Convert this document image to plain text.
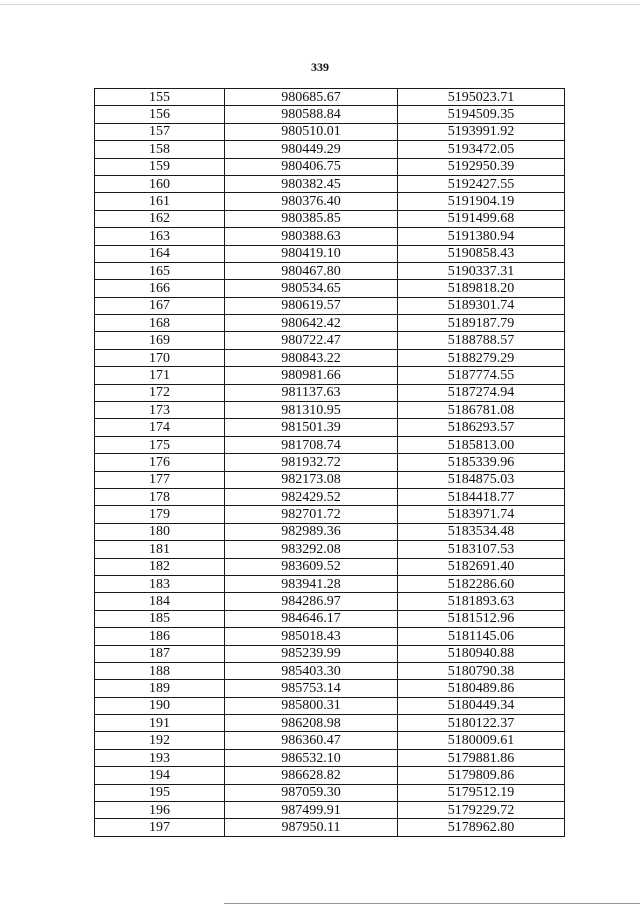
339
155	980685.67	5195023.71
156	980588.84	5194509.35
157	980510.01	5193991.92
158	980449.29	5193472.05
159	980406.75	5192950.39
160	980382.45	5192427.55
161	980376.40	5191904.19
162	980385.85	5191499.68
163	980388.63	5191380.94
164	980419.10	5190858.43
165	980467.80	5190337.31
166	980534.65	5189818.20
167	980619.57	5189301.74
168	980642.42	5189187.79
169	980722.47	5188788.57
170	980843.22	5188279.29
171	980981.66	5187774.55
172	981137.63	5187274.94
173	981310.95	5186781.08
174	981501.39	5186293.57
175	981708.74	5185813.00
176	981932.72	5185339.96
177	982173.08	5184875.03
178	982429.52	5184418.77
179	982701.72	5183971.74
180	982989.36	5183534.48
181	983292.08	5183107.53
182	983609.52	5182691.40
183	983941.28	5182286.60
184	984286.97	5181893.63
185	984646.17	5181512.96
186	985018.43	5181145.06
187	985239.99	5180940.88
188	985403.30	5180790.38
189	985753.14	5180489.86
190	985800.31	5180449.34
191	986208.98	5180122.37
192	986360.47	5180009.61
193	986532.10	5179881.86
194	986628.82	5179809.86
195	987059.30	5179512.19
196	987499.91	5179229.72
197	987950.11	5178962.80
